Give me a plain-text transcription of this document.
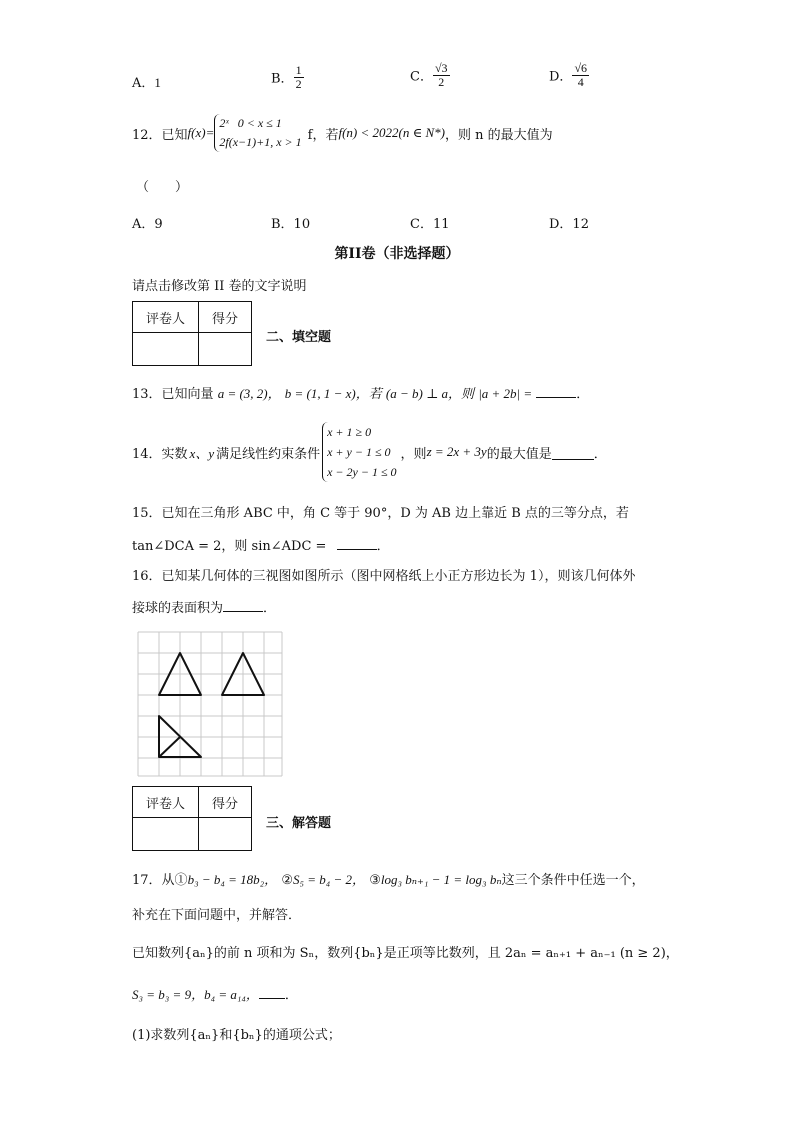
A．1	B． $\frac{1}{2}$	C． $\frac{√3}{2}$	D． $\frac{√6}{4}$
12．已知 f(x)=
2ˣ 0 < x ≤ 1
2f(x−1)+1, x > 1 f，若 f(n) < 2022(n ∈ N*) ，则 n 的最大值为
（　　）
A．9	B．10	C．11	D．12
第II卷（非选择题）
请点击修改第 II 卷的文字说明
评卷人	得分

二、填空题
13．已知向量 a = (3, 2)， b = (1, 1 − x)，若 (a − b) ⊥ a，则 |a + 2b| =	．
14．实数 x、y 满足线性约束条件
x + 1 ≥ 0
x + y − 1 ≤ 0
x − 2y − 1 ≤ 0
，则 z = 2x + 3y 的最大值是	．
15．已知在三角形 ABC 中，角 C 等于 90°，D 为 AB 边上靠近 B 点的三等分点，若
tan∠DCA = 2，则 sin∠ADC =	．
16．已知某几何体的三视图如图所示（图中网格纸上小正方形边长为 1），则该几何体外
接球的表面积为	．
评卷人	得分

三、解答题
17．从①b₃ − b₄ = 18b₂， ②S₅ = b₄ − 2， ③log₃ bₙ₊₁ − 1 = log₃ bₙ这三个条件中任选一个，
补充在下面问题中，并解答．
已知数列{aₙ}的前 n 项和为 Sₙ，数列{bₙ}是正项等比数列，且 2aₙ = aₙ₊₁ + aₙ₋₁ (n ≥ 2)，
S₃ = b₃ = 9，b₄ = a₁₄， ．
(1)求数列{aₙ}和{bₙ}的通项公式；
